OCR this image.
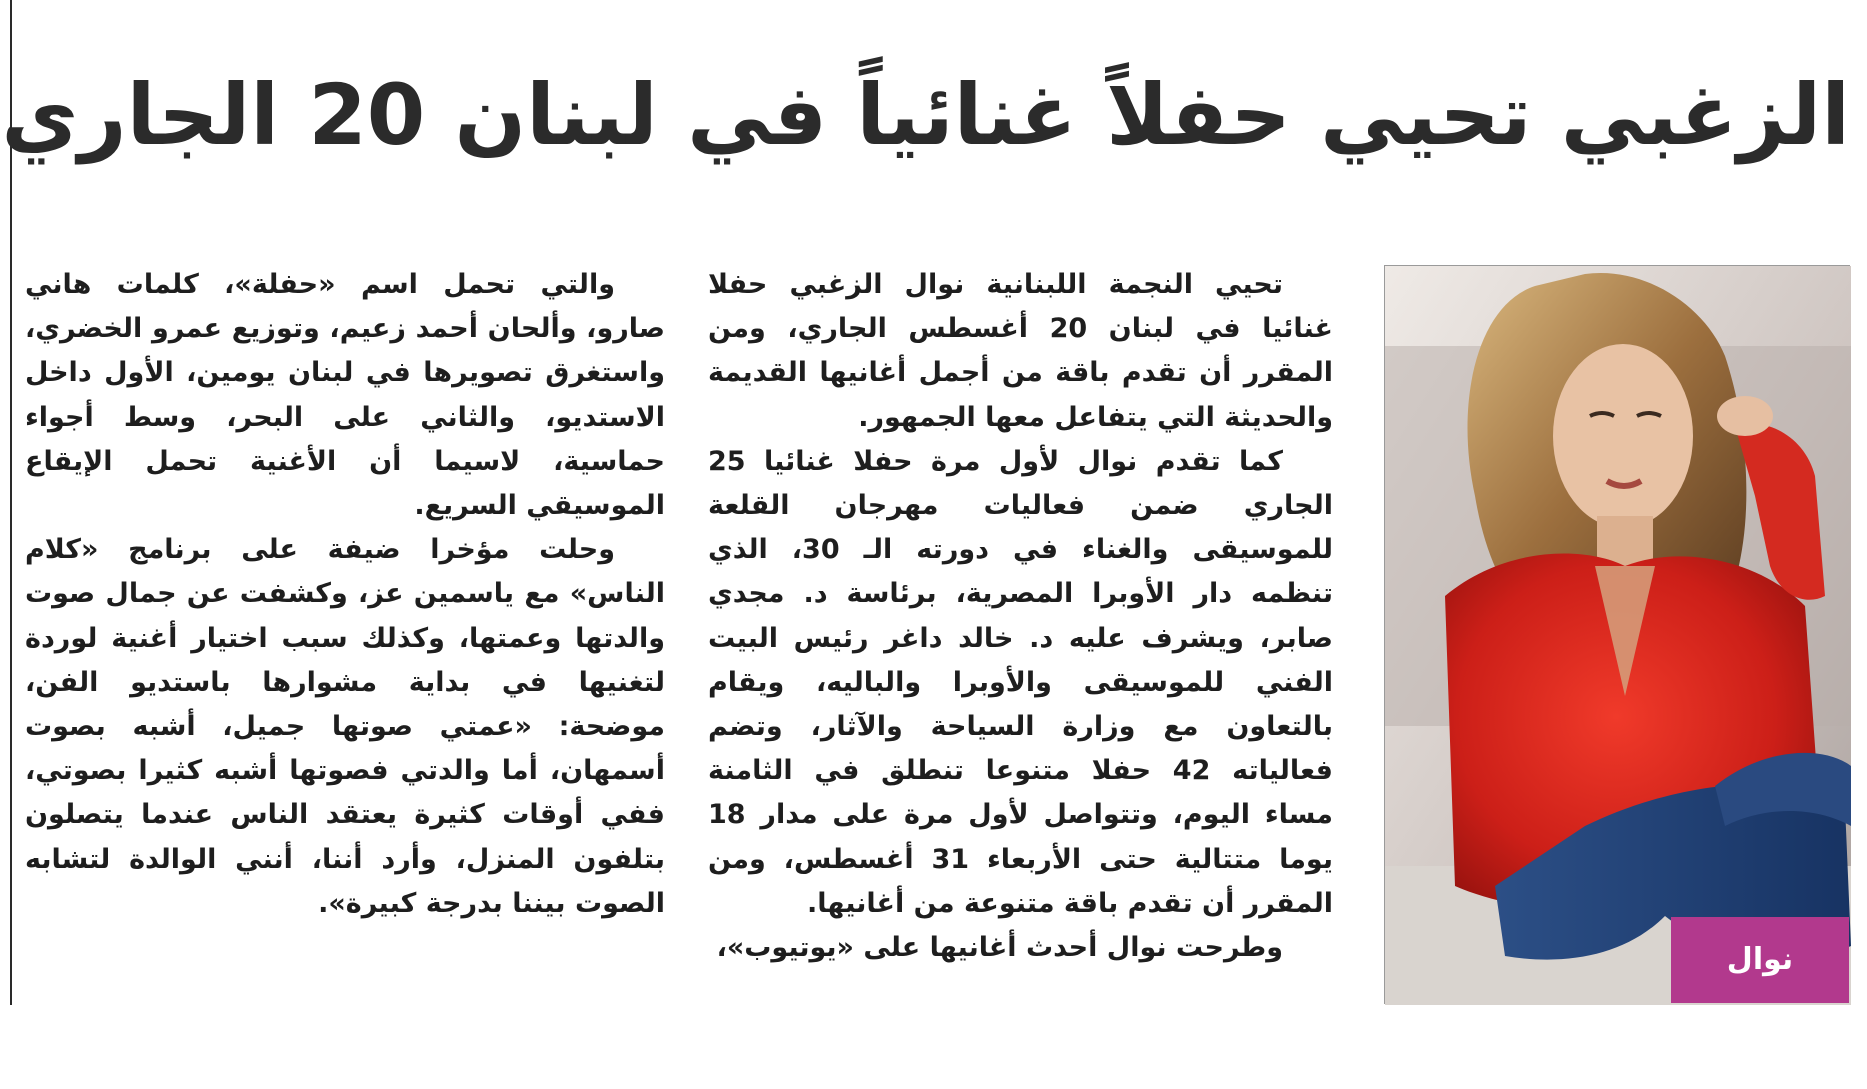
الزغبي تحيي حفلاً غنائياً في لبنان 20 الجاري

تحيي النجمة اللبنانية نوال الزغبي حفلا غنائيا في لبنان 20 أغسطس الجاري، ومن المقرر أن تقدم باقة من أجمل أغانيها القديمة والحديثة التي يتفاعل معها الجمهور.

كما تقدم نوال لأول مرة حفلا غنائيا 25 الجاري ضمن فعاليات مهرجان القلعة للموسيقى والغناء في دورته الـ 30، الذي تنظمه دار الأوبرا المصرية، برئاسة د. مجدي صابر، ويشرف عليه د. خالد داغر رئيس البيت الفني للموسيقى والأوبرا والباليه، ويقام بالتعاون مع وزارة السياحة والآثار، وتضم فعالياته 42 حفلا متنوعا تنطلق في الثامنة مساء اليوم، وتتواصل لأول مرة على مدار 18 يوما متتالية حتى الأربعاء 31 أغسطس، ومن المقرر أن تقدم باقة متنوعة من أغانيها.

وطرحت نوال أحدث أغانيها على «يوتيوب»،

والتي تحمل اسم «حفلة»، كلمات هاني صارو، وألحان أحمد زعيم، وتوزيع عمرو الخضري، واستغرق تصويرها في لبنان يومين، الأول داخل الاستديو، والثاني على البحر، وسط أجواء حماسية، لاسيما أن الأغنية تحمل الإيقاع الموسيقي السريع.

وحلت مؤخرا ضيفة على برنامج «كلام الناس» مع ياسمين عز، وكشفت عن جمال صوت والدتها وعمتها، وكذلك سبب اختيار أغنية لوردة لتغنيها في بداية مشوارها باستديو الفن، موضحة: «عمتي صوتها جميل، أشبه بصوت أسمهان، أما والدتي فصوتها أشبه كثيرا بصوتي، ففي أوقات كثيرة يعتقد الناس عندما يتصلون بتلفون المنزل، وأرد أننا، أنني الوالدة لتشابه الصوت بيننا بدرجة كبيرة».

نوال الزغبي
